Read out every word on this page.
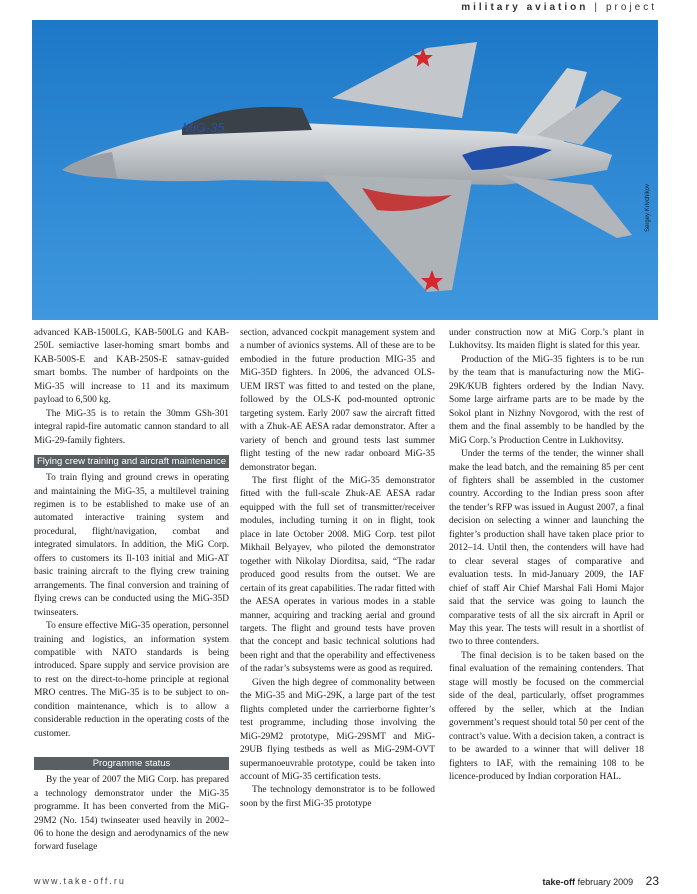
military aviation | project
MiG-35
Sergey Krivchikov

advanced KAB-1500LG, KAB-500LG and KAB-250L semiactive laser-homing smart bombs and KAB-500S-E and KAB-250S-E satnav-guided smart bombs. The number of hardpoints on the MiG-35 will increase to 11 and its maximum payload to 6,500 kg.

The MiG-35 is to retain the 30mm GSh-301 integral rapid-fire automatic cannon standard to all MiG-29-family fighters.

Flying crew training and aircraft maintenance

To train flying and ground crews in operating and maintaining the MiG-35, a multilevel training regimen is to be established to make use of an automated interactive training system and procedural, flight/navigation, combat and integrated simulators. In addition, the MiG Corp. offers to customers its Il-103 initial and MiG-AT basic training aircraft to the flying crew training arrangements. The final conversion and training of flying crews can be conducted using the MiG-35D twinseaters.

To ensure effective MiG-35 operation, personnel training and logistics, an information system compatible with NATO standards is being introduced. Spare supply and service provision are to rest on the direct-to-home principle at regional MRO centres. The MiG-35 is to be subject to on-condition maintenance, which is to allow a considerable reduction in the operating costs of the customer.

Programme status

By the year of 2007 the MiG Corp. has prepared a technology demonstrator under the MiG-35 programme. It has been converted from the MiG-29M2 (No. 154) twinseater used heavily in 2002–06 to hone the design and aerodynamics of the new forward fuselage

section, advanced cockpit management system and a number of avionics systems. All of these are to be embodied in the future production MIG-35 and MiG-35D fighters. In 2006, the advanced OLS-UEM IRST was fitted to and tested on the plane, followed by the OLS-K pod-mounted optronic targeting system. Early 2007 saw the aircraft fitted with a Zhuk-AE AESA radar demonstrator. After a variety of bench and ground tests last summer flight testing of the new radar onboard MiG-35 demonstrator began.

The first flight of the MiG-35 demonstrator fitted with the full-scale Zhuk-AE AESA radar equipped with the full set of transmitter/receiver modules, including turning it on in flight, took place in late October 2008. MiG Corp. test pilot Mikhail Belyayev, who piloted the demonstrator together with Nikolay Diorditsa, said, “The radar produced good results from the outset. We are certain of its great capabilities. The radar fitted with the AESA operates in various modes in a stable manner, acquiring and tracking aerial and ground targets. The flight and ground tests have proven that the concept and basic technical solutions had been right and that the operability and effectiveness of the radar’s subsystems were as good as required.

Given the high degree of commonality between the MiG-35 and MiG-29K, a large part of the test flights completed under the carrierborne fighter’s test programme, including those involving the MiG-29M2 prototype, MiG-29SMT and MiG-29UB flying testbeds as well as MiG-29M-OVT supermanoeuvrable prototype, could be taken into account of MiG-35 certification tests.

The technology demonstrator is to be followed soon by the first MiG-35 prototype

under construction now at MiG Corp.’s plant in Lukhovitsy. Its maiden flight is slated for this year.

Production of the MiG-35 fighters is to be run by the team that is manufacturing now the MiG-29K/KUB fighters ordered by the Indian Navy. Some large airframe parts are to be made by the Sokol plant in Nizhny Novgorod, with the rest of them and the final assembly to be handled by the MiG Corp.’s Production Centre in Lukhovitsy.

Under the terms of the tender, the winner shall make the lead batch, and the remaining 85 per cent of fighters shall be assembled in the customer country. According to the Indian press soon after the tender’s RFP was issued in August 2007, a final decision on selecting a winner and launching the fighter’s production shall have taken place prior to 2012–14. Until then, the contenders will have had to clear several stages of comparative and evaluation tests. In mid-January 2009, the IAF chief of staff Air Chief Marshal Fali Homi Major said that the service was going to launch the comparative tests of all the six aircraft in April or May this year. The tests will result in a shortlist of two to three contenders.

The final decision is to be taken based on the final evaluation of the remaining contenders. That stage will mostly be focused on the commercial side of the deal, particularly, offset programmes offered by the seller, which at the Indian government’s request should total 50 per cent of the contract’s value. With a decision taken, a contract is to be awarded to a winner that will deliver 18 fighters to IAF, with the remaining 108 to be licence-produced by Indian corporation HAL.

www.take-off.ru	take-off february 2009 23
